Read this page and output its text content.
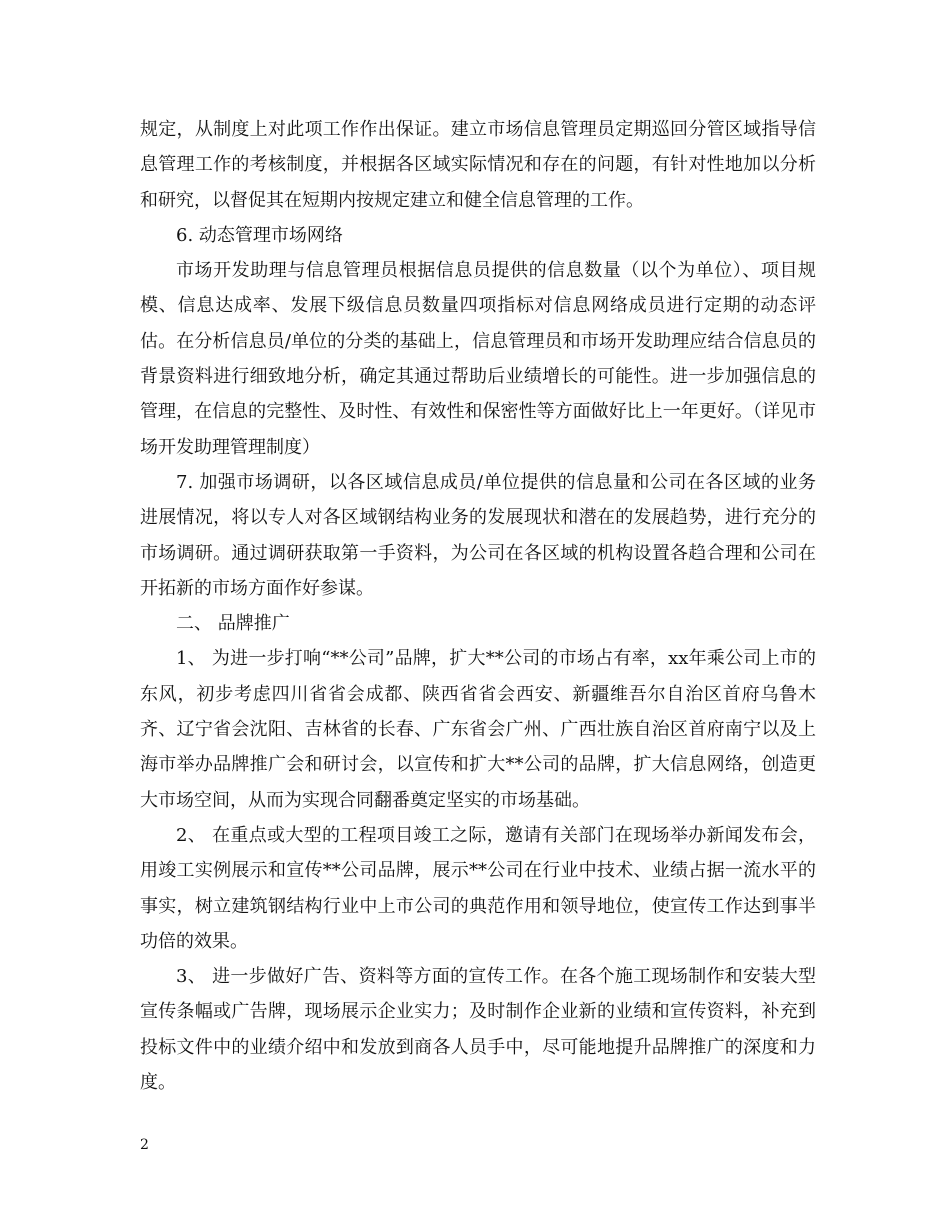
规定，从制度上对此项工作作出保证。建立市场信息管理员定期巡回分管区域指导信息管理工作的考核制度，并根据各区域实际情况和存在的问题，有针对性地加以分析和研究，以督促其在短期内按规定建立和健全信息管理的工作。

6. 动态管理市场网络

市场开发助理与信息管理员根据信息员提供的信息数量（以个为单位）、项目规模、信息达成率、发展下级信息员数量四项指标对信息网络成员进行定期的动态评估。在分析信息员/单位的分类的基础上，信息管理员和市场开发助理应结合信息员的背景资料进行细致地分析，确定其通过帮助后业绩增长的可能性。进一步加强信息的管理，在信息的完整性、及时性、有效性和保密性等方面做好比上一年更好。（详见市场开发助理管理制度）

7. 加强市场调研，以各区域信息成员/单位提供的信息量和公司在各区域的业务进展情况，将以专人对各区域钢结构业务的发展现状和潜在的发展趋势，进行充分的市场调研。通过调研获取第一手资料，为公司在各区域的机构设置各趋合理和公司在开拓新的市场方面作好参谋。

二、 品牌推广

1、 为进一步打响“**公司”品牌，扩大**公司的市场占有率，xx年乘公司上市的东风，初步考虑四川省省会成都、陕西省省会西安、新疆维吾尔自治区首府乌鲁木齐、辽宁省会沈阳、吉林省的长春、广东省会广州、广西壮族自治区首府南宁以及上海市举办品牌推广会和研讨会，以宣传和扩大**公司的品牌，扩大信息网络，创造更大市场空间，从而为实现合同翻番奠定坚实的市场基础。

2、 在重点或大型的工程项目竣工之际，邀请有关部门在现场举办新闻发布会，用竣工实例展示和宣传**公司品牌，展示**公司在行业中技术、业绩占据一流水平的事实，树立建筑钢结构行业中上市公司的典范作用和领导地位，使宣传工作达到事半功倍的效果。

3、 进一步做好广告、资料等方面的宣传工作。在各个施工现场制作和安装大型宣传条幅或广告牌，现场展示企业实力；及时制作企业新的业绩和宣传资料，补充到投标文件中的业绩介绍中和发放到商各人员手中，尽可能地提升品牌推广的深度和力度。

2
